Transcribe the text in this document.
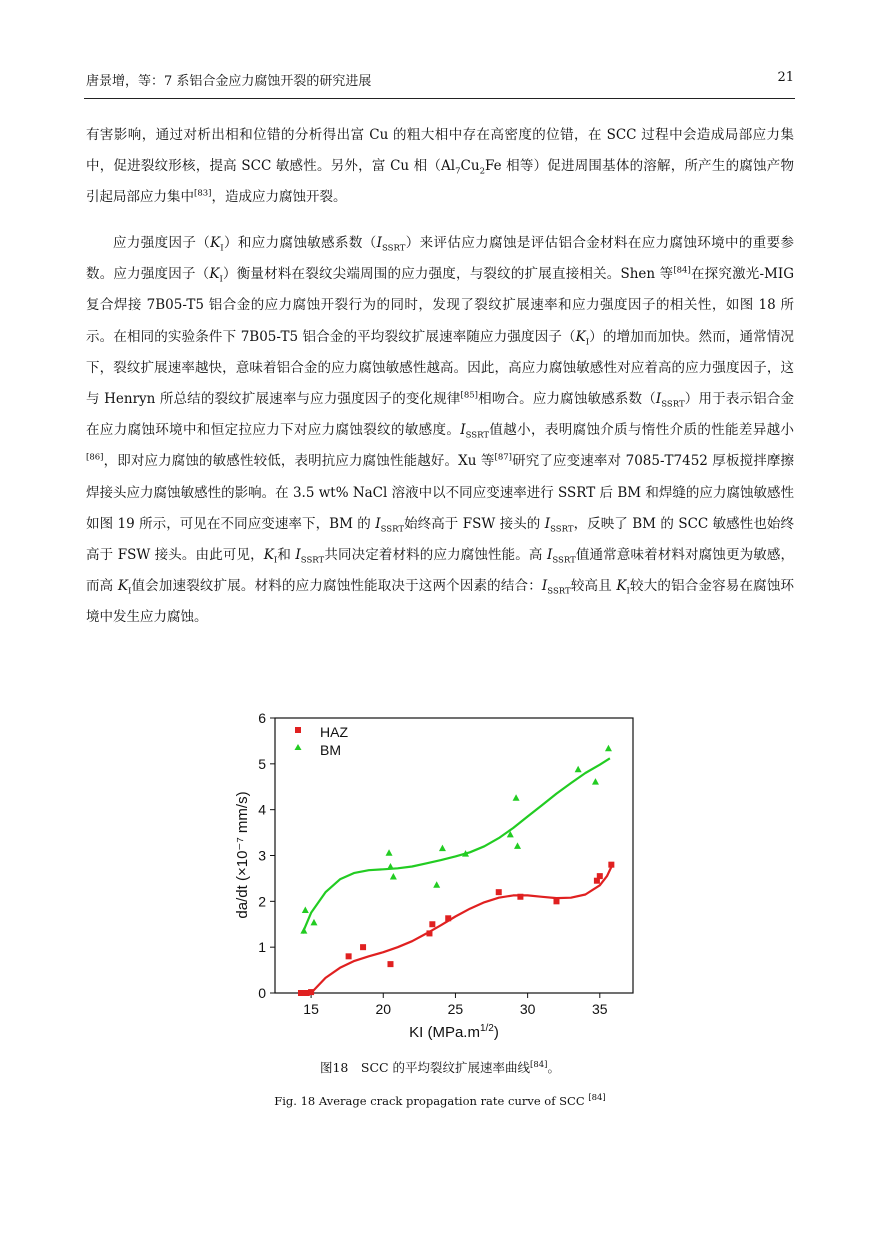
唐景增，等：7 系铝合金应力腐蚀开裂的研究进展	21

有害影响，通过对析出相和位错的分析得出富 Cu 的粗大相中存在高密度的位错，在 SCC 过程中会造成局部应力集中，促进裂纹形核，提高 SCC 敏感性。另外，富 Cu 相（$Al_7Cu_2Fe$ 相等）促进周围基体的溶解，所产生的腐蚀产物引起局部应力集中[83]，造成应力腐蚀开裂。

应力强度因子$(K_I)$和应力腐蚀敏感系数$(I_{SSRT})$来评估应力腐蚀是评估铝合金材料在应力腐蚀环境中的重要参数。应力强度因子$(K_I)$衡量材料在裂纹尖端周围的应力强度，与裂纹的扩展直接相关。Shen 等[84]在探究激光-MIG 复合焊接 7B05-T5 铝合金的应力腐蚀开裂行为的同时，发现了裂纹扩展速率和应力强度因子的相关性，如图 18 所示。在相同的实验条件下 7B05-T5 铝合金的平均裂纹扩展速率随应力强度因子$(K_I)$的增加而加快。然而，通常情况下，裂纹扩展速率越快，意味着铝合金的应力腐蚀敏感性越高。因此，高应力腐蚀敏感性对应着高的应力强度因子，这与 Henryn 所总结的裂纹扩展速率与应力强度因子的变化规律[85]相吻合。应力腐蚀敏感系数$(I_{SSRT})$用于表示铝合金在应力腐蚀环境中和恒定拉应力下对应力腐蚀裂纹的敏感度。$I_{SSRT}$值越小，表明腐蚀介质与惰性介质的性能差异越小[86]，即对应力腐蚀的敏感性较低，表明抗应力腐蚀性能越好。Xu 等[87]研究了应变速率对 7085-T7452 厚板搅拌摩擦焊接头应力腐蚀敏感性的影响。在 3.5 wt% NaCl 溶液中以不同应变速率进行 SSRT 后 BM 和焊缝的应力腐蚀敏感性如图 19 所示，可见在不同应变速率下，BM 的 $I_{SSRT}$始终高于 FSW 接头的 $I_{SSRT}$，反映了 BM 的 SCC 敏感性也始终高于 FSW 接头。由此可见，$K_I$和 $I_{SSRT}$共同决定着材料的应力腐蚀性能。高 $I_{SSRT}$值通常意味着材料对腐蚀更为敏感，而高 $K_I$值会加速裂纹扩展。材料的应力腐蚀性能取决于这两个因素的结合：$I_{SSRT}$较高且 $K_I$较大的铝合金容易在腐蚀环境中发生应力腐蚀。

15	20	25	30	35
0
1
2
3
4
5
6
HAZ
BM
KI $(MPa.m^{1/2})$
da/dt (×10⁻⁷ mm/s)

图18　SCC 的平均裂纹扩展速率曲线[84]。

Fig. 18 Average crack propagation rate curve of SCC [84]
